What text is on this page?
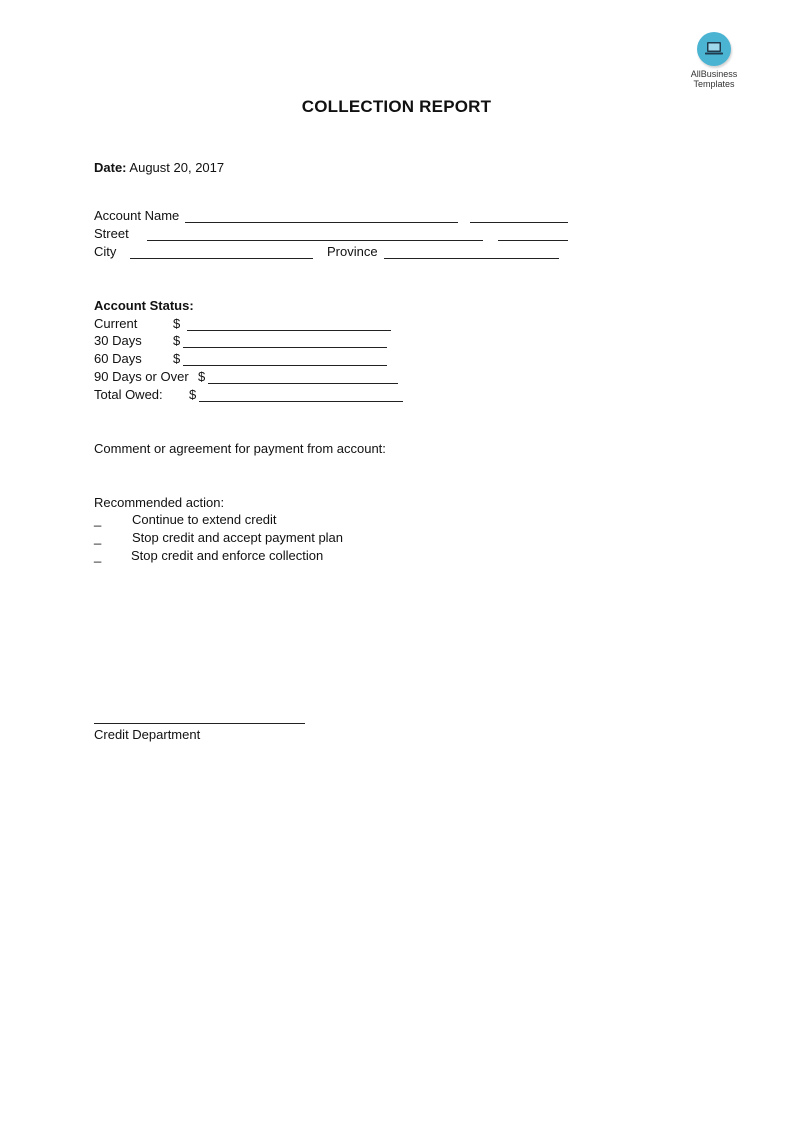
AllBusiness
Templates
COLLECTION REPORT
Date: August 20, 2017
Account Name
Street
City	Province
Account Status:
Current	$
30 Days $
60 Days $
90 Days or Over $
Total Owed: $
Comment or agreement for payment from account:
Recommended action:
_ Continue to extend credit
_ Stop credit and accept payment plan
_ Stop credit and enforce collection
Credit Department
